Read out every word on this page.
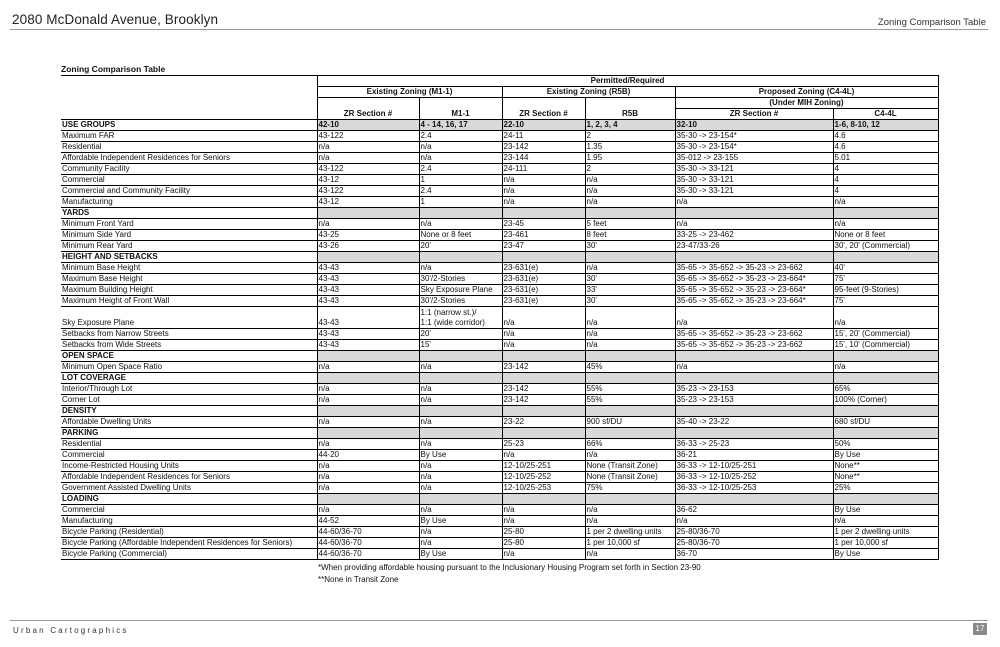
2080 McDonald Avenue, Brooklyn	Zoning Comparison Table
Zoning Comparison Table
	Permitted/Required					
	Existing Zoning (M1-1)		Existing Zoning (R5B)		Proposed Zoning (C4-4L)	
					(Under MIH Zoning)	
	ZR Section #	M1-1	ZR Section #	R5B	ZR Section #	C4-4L
USE GROUPS	42-10	4 - 14, 16, 17	22-10	1, 2, 3, 4	32-10	1-6, 8-10, 12
Maximum FAR	43-122	2.4	24-11	2	35-30 -> 23-154*	4.6
Residential	n/a	n/a	23-142	1.35	35-30 -> 23-154*	4.6
Affordable Independent Residences for Seniors	n/a	n/a	23-144	1.95	35-012 -> 23-155	5.01
Community Facility	43-122	2.4	24-111	2	35-30 -> 33-121	4
Commercial	43-12	1	n/a	n/a	35-30 -> 33-121	4
Commercial and Community Facility	43-122	2.4	n/a	n/a	35-30 -> 33-121	4
Manufacturing	43-12	1	n/a	n/a	n/a	n/a
YARDS						
Minimum Front Yard	n/a	n/a	23-45	5 feet	n/a	n/a
Minimum Side Yard	43-25	None or 8 feet	23-461	8 feet	33-25 -> 23-462	None or 8 feet
Minimum Rear Yard	43-26	20'	23-47	30'	23-47/33-26	30', 20' (Commercial)
HEIGHT AND SETBACKS						
Minimum Base Height	43-43	n/a	23-631(e)	n/a	35-65 -> 35-652 -> 35-23 -> 23-662	40'
Maximum Base Height	43-43	30'/2-Stories	23-631(e)	30'	35-65 -> 35-652 -> 35-23 -> 23-664*	75'
Maximum Building Height	43-43	Sky Exposure Plane	23-631(e)	33'	35-65 -> 35-652 -> 35-23 -> 23-664*	95-feet (9-Stories)
Maximum Height of Front Wall	43-43	30'/2-Stories	23-631(e)	30'	35-65 -> 35-652 -> 35-23 -> 23-664*	75'
Sky Exposure Plane	43-43	1:1 (narrow st.)/
1:1 (wide corridor)	n/a	n/a	n/a	n/a
Setbacks from Narrow Streets	43-43	20'	n/a	n/a	35-65 -> 35-652 -> 35-23 -> 23-662	15', 20' (Commercial)
Setbacks from Wide Streets	43-43	15'	n/a	n/a	35-65 -> 35-652 -> 35-23 -> 23-662	15', 10' (Commercial)
OPEN SPACE						
Minimum Open Space Ratio	n/a	n/a	23-142	45%	n/a	n/a
LOT COVERAGE						
Interior/Through Lot	n/a	n/a	23-142	55%	35-23 -> 23-153	65%
Corner Lot	n/a	n/a	23-142	55%	35-23 -> 23-153	100% (Corner)
DENSITY						
Affordable Dwelling Units	n/a	n/a	23-22	900 sf/DU	35-40 -> 23-22	680 sf/DU
PARKING						
Residential	n/a	n/a	25-23	66%	36-33 -> 25-23	50%
Commercial	44-20	By Use	n/a	n/a	36-21	By Use
Income-Restricted Housing Units	n/a	n/a	12-10/25-251	None (Transit Zone)	36-33 -> 12-10/25-251	None**
Affordable Independent Residences for Seniors	n/a	n/a	12-10/25-252	None (Transit Zone)	36-33 -> 12-10/25-252	None**
Government Assisted Dwelling Units	n/a	n/a	12-10/25-253	75%	36-33 -> 12-10/25-253	25%
LOADING						
Commercial	n/a	n/a	n/a	n/a	36-62	By Use
Manufacturing	44-52	By Use	n/a	n/a	n/a	n/a
Bicycle Parking (Residential)	44-60/36-70	n/a	25-80	1 per 2 dwelling units	25-80/36-70	1 per 2 dwelling units
Bicycle Parking (Affordable Independent Residences for Seniors)	44-60/36-70	n/a	25-80	1 per 10,000 sf	25-80/36-70	1 per 10,000 sf
Bicycle Parking (Commercial)	44-60/36-70	By Use	n/a	n/a	36-70	By Use
*When providing affordable housing pursuant to the Inclusionary Housing Program set forth in Section 23-90
**None in Transit Zone
Urban Cartographics	17
